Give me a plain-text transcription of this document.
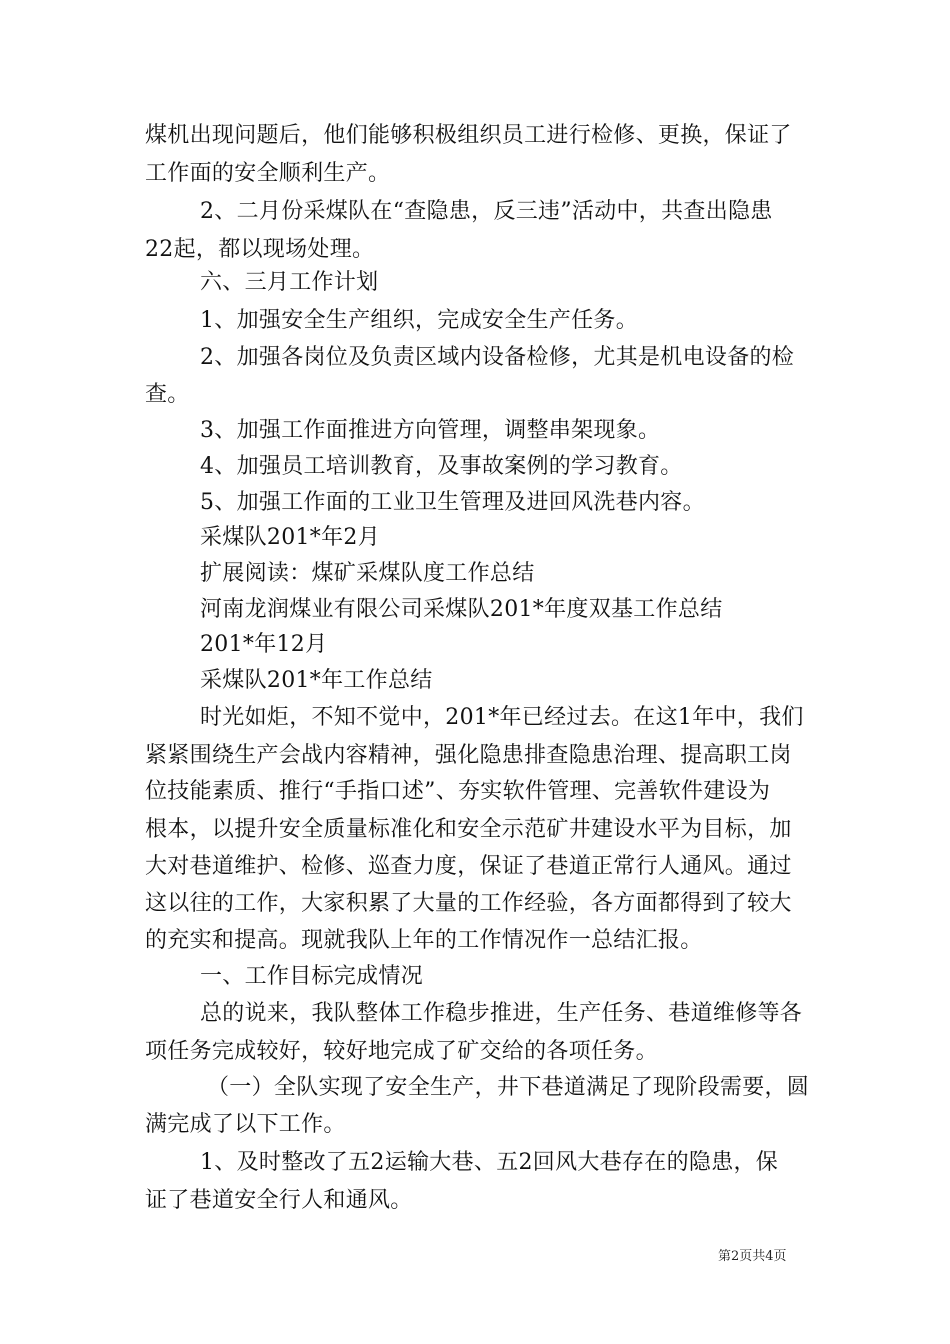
煤机出现问题后，他们能够积极组织员工进行检修、更换，保证了
工作面的安全顺利生产。
2、二月份采煤队在“查隐患，反三违”活动中，共查出隐患
22起，都以现场处理。
六、三月工作计划
1、加强安全生产组织，完成安全生产任务。
2、加强各岗位及负责区域内设备检修，尤其是机电设备的检
查。
3、加强工作面推进方向管理，调整串架现象。
4、加强员工培训教育，及事故案例的学习教育。
5、加强工作面的工业卫生管理及进回风洗巷内容。
采煤队201*年2月
扩展阅读：煤矿采煤队度工作总结
河南龙润煤业有限公司采煤队201*年度双基工作总结
201*年12月
采煤队201*年工作总结
时光如炬，不知不觉中，201*年已经过去。在这1年中，我们
紧紧围绕生产会战内容精神，强化隐患排查隐患治理、提高职工岗
位技能素质、推行“手指口述”、夯实软件管理、完善软件建设为
根本，以提升安全质量标准化和安全示范矿井建设水平为目标，加
大对巷道维护、检修、巡查力度，保证了巷道正常行人通风。通过
这以往的工作，大家积累了大量的工作经验，各方面都得到了较大
的充实和提高。现就我队上年的工作情况作一总结汇报。
一、工作目标完成情况
总的说来，我队整体工作稳步推进，生产任务、巷道维修等各
项任务完成较好，较好地完成了矿交给的各项任务。
（一）全队实现了安全生产，井下巷道满足了现阶段需要，圆
满完成了以下工作。
1、及时整改了五2运输大巷、五2回风大巷存在的隐患，保
证了巷道安全行人和通风。
第2页共4页
